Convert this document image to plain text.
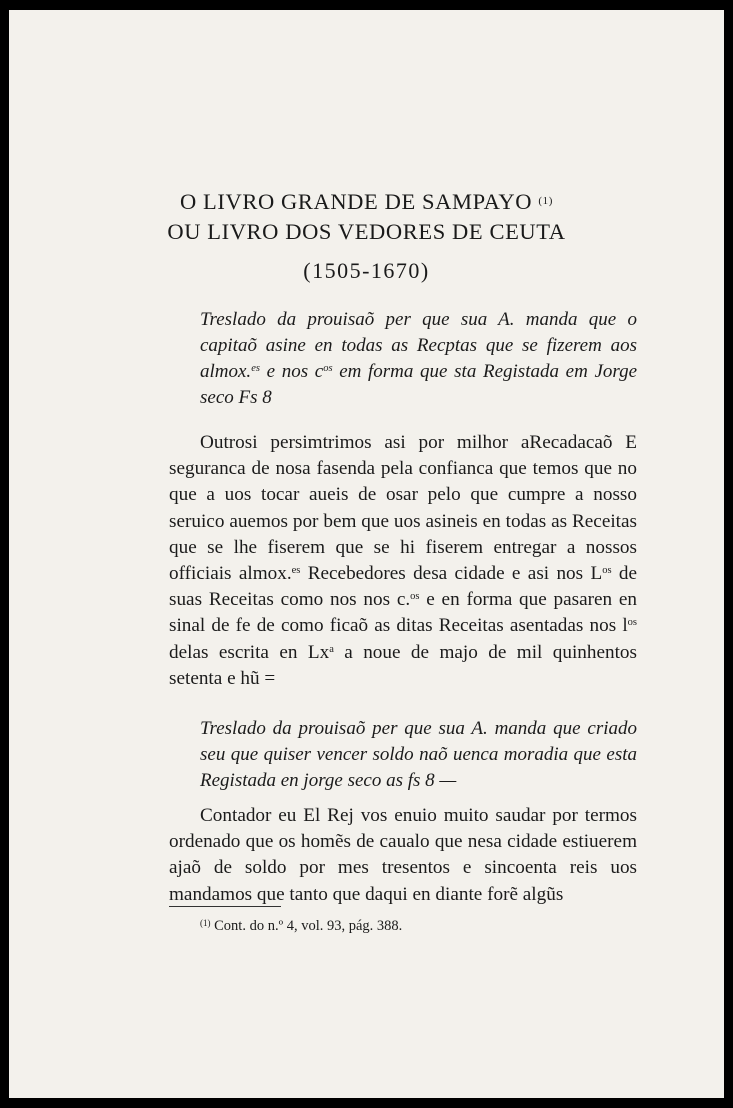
O LIVRO GRANDE DE SAMPAYO $^{(1)}$
OU LIVRO DOS VEDORES DE CEUTA
(1505-1670)
Treslado da prouisaõ per que sua A. manda que o capitaõ asine en todas as Recptas que se fizerem aos almox.$^{es}$ e nos $c^{os}$ em forma que sta Registada em Jorge seco Fs 8

Outrosi persimtrimos asi por milhor aRecadacaõ E seguranca de nosa fasenda pela confianca que temos que no que a uos tocar aueis de osar pelo que cumpre a nosso seruico auemos por bem que uos asineis en todas as Receitas que se lhe fiserem que se hi fiserem entregar a nossos officiais almox.$^{es}$ Recebedores desa cidade e asi nos $L^{os}$ de suas Receitas como nos nos c.$^{os}$ e en forma que pasaren en sinal de fe de como ficaõ as ditas Receitas asentadas nos $l^{os}$ delas escrita en Lx$^a$ a noue de majo de mil quinhentos setenta e hũ =

Treslado da prouisaõ per que sua A. manda que criado seu que quiser vencer soldo naõ uenca moradia que esta Registada en jorge seco as fs 8 —

Contador eu El Rej vos enuio muito saudar por termos ordenado que os homẽs de caualo que nesa cidade estiuerem ajaõ de soldo por mes tresentos e sincoenta reis uos mandamos que tanto que daqui en diante forẽ algũs

$^{(1)}$ Cont. do n.º 4, vol. 93, pág. 388.
